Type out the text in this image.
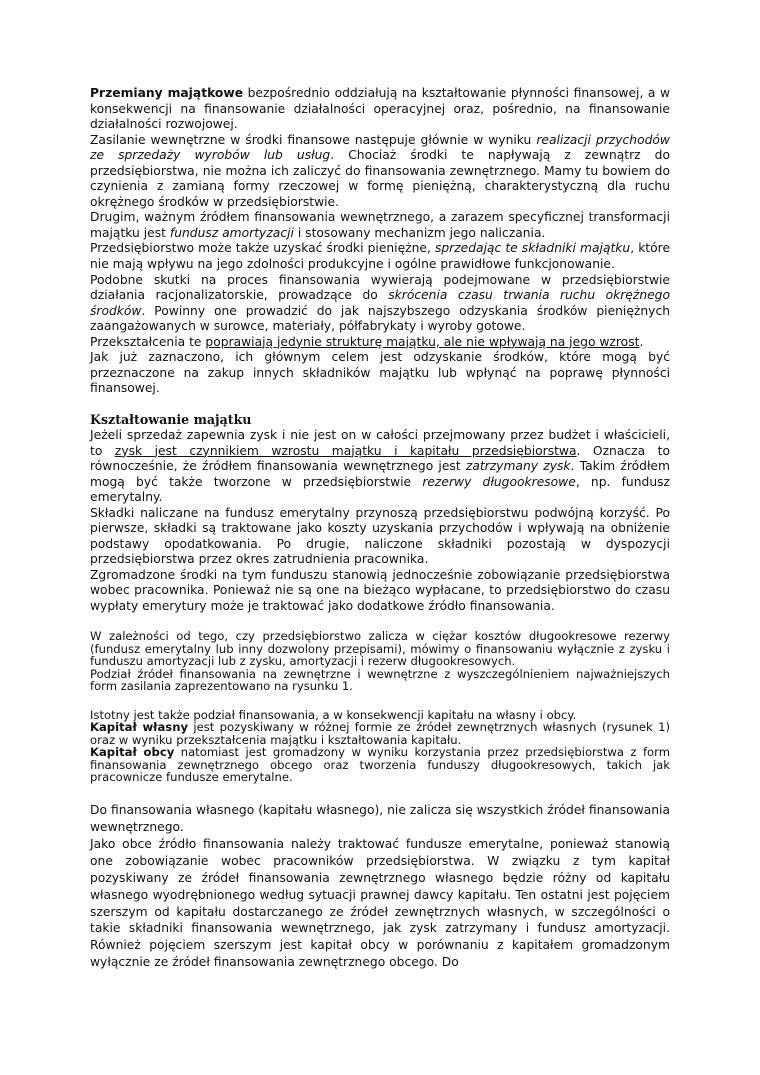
Przemiany majątkowe bezpośrednio oddziałują na kształtowanie płynności finansowej, a w konsekwencji na finansowanie działalności operacyjnej oraz, pośrednio, na finansowanie działalności rozwojowej.

Zasilanie wewnętrzne w środki finansowe następuje głównie w wyniku realizacji przychodów ze sprzedaży wyrobów lub usług. Chociaż środki te napływają z zewnątrz do przedsiębiorstwa, nie można ich zaliczyć do finansowania zewnętrznego. Mamy tu bowiem do czynienia z zamianą formy rzeczowej w formę pieniężną, charakterystyczną dla ruchu okrężnego środków w przedsiębiorstwie.

Drugim, ważnym źródłem finansowania wewnętrznego, a zarazem specyficznej transformacji majątku jest fundusz amortyzacji i stosowany mechanizm jego naliczania.

Przedsiębiorstwo może także uzyskać środki pieniężne, sprzedając te składniki majątku, które nie mają wpływu na jego zdolności produkcyjne i ogólne prawidłowe funkcjonowanie.

Podobne skutki na proces finansowania wywierają podejmowane w przedsiębiorstwie działania racjonalizatorskie, prowadzące do skrócenia czasu trwania ruchu okrężnego środków. Powinny one prowadzić do jak najszybszego odzyskania środków pieniężnych zaangażowanych w surowce, materiały, półfabrykaty i wyroby gotowe.

Przekształcenia te poprawiają jedynie strukturę majątku, ale nie wpływają na jego wzrost.

Jak już zaznaczono, ich głównym celem jest odzyskanie środków, które mogą być przeznaczone na zakup innych składników majątku lub wpłynąć na poprawę płynności finansowej.

Kształtowanie majątku

Jeżeli sprzedaż zapewnia zysk i nie jest on w całości przejmowany przez budżet i właścicieli, to zysk jest czynnikiem wzrostu majątku i kapitału przedsiębiorstwa. Oznacza to równocześnie, że źródłem finansowania wewnętrznego jest zatrzymany zysk. Takim źródłem mogą być także tworzone w przedsiębiorstwie rezerwy długookresowe, np. fundusz emerytalny.

Składki naliczane na fundusz emerytalny przynoszą przedsiębiorstwu podwójną korzyść. Po pierwsze, składki są traktowane jako koszty uzyskania przychodów i wpływają na obniżenie podstawy opodatkowania. Po drugie, naliczone składniki pozostają w dyspozycji przedsiębiorstwa przez okres zatrudnienia pracownika.

Zgromadzone środki na tym funduszu stanowią jednocześnie zobowiązanie przedsiębiorstwa wobec pracownika. Ponieważ nie są one na bieżąco wypłacane, to przedsiębiorstwo do czasu wypłaty emerytury może je traktować jako dodatkowe źródło finansowania.

W zależności od tego, czy przedsiębiorstwo zalicza w ciężar kosztów długookresowe rezerwy (fundusz emerytalny lub inny dozwolony przepisami), mówimy o finansowaniu wyłącznie z zysku i funduszu amortyzacji lub z zysku, amortyzacji i rezerw długookresowych.

Podział źródeł finansowania na zewnętrzne i wewnętrzne z wyszczególnieniem najważniejszych form zasilania zaprezentowano na rysunku 1.

Istotny jest także podział finansowania, a w konsekwencji kapitału na własny i obcy.

Kapitał własny jest pozyskiwany w różnej formie ze źródeł zewnętrznych własnych (rysunek 1) oraz w wyniku przekształcenia majątku i kształtowania kapitału.

Kapitał obcy natomiast jest gromadzony w wyniku korzystania przez przedsiębiorstwa z form finansowania zewnętrznego obcego oraz tworzenia funduszy długookresowych, takich jak pracownicze fundusze emerytalne.

Do finansowania własnego (kapitału własnego), nie zalicza się wszystkich źródeł finansowania wewnętrznego.

Jako obce źródło finansowania należy traktować fundusze emerytalne, ponieważ stanowią one zobowiązanie wobec pracowników przedsiębiorstwa. W związku z tym kapitał pozyskiwany ze źródeł finansowania zewnętrznego własnego będzie różny od kapitału własnego wyodrębnionego według sytuacji prawnej dawcy kapitału. Ten ostatni jest pojęciem szerszym od kapitału dostarczanego ze źródeł zewnętrznych własnych, w szczególności o takie składniki finansowania wewnętrznego, jak zysk zatrzymany i fundusz amortyzacji. Również pojęciem szerszym jest kapitał obcy w porównaniu z kapitałem gromadzonym wyłącznie ze źródeł finansowania zewnętrznego obcego. Do
